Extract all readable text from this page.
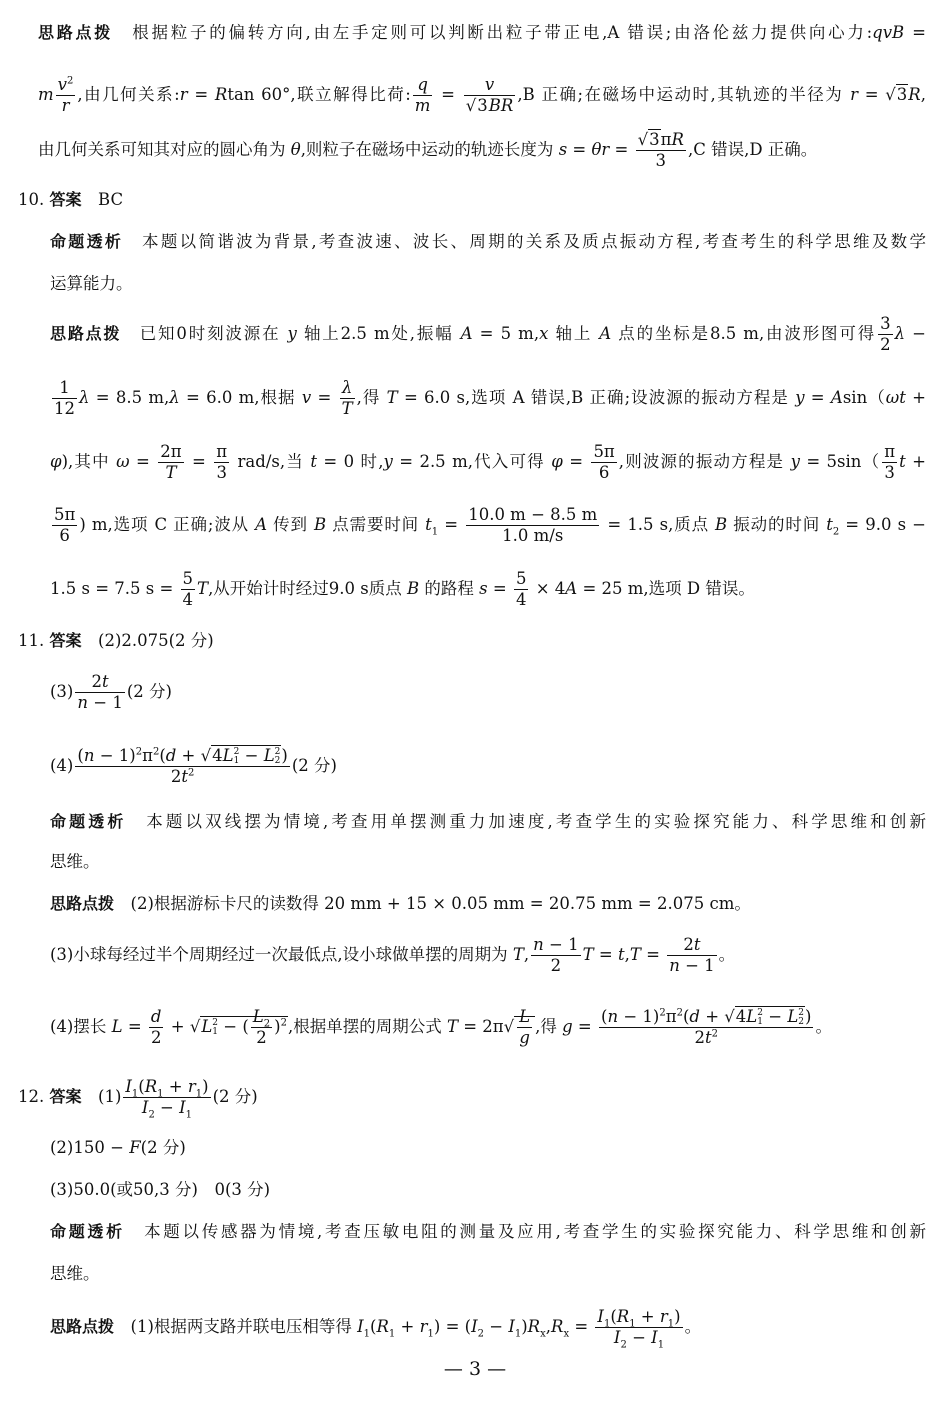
思路点拨　根据粒子的偏转方向,由左手定则可以判断出粒子带正电,A 错误;由洛伦兹力提供向心力:qvB =
m $\frac{v^2}{r}$ ,由几何关系:r = Rtan 60°,联立解得比荷: $\frac{q}{m} = \frac{v}{√3BR} ,B$ 正确;在磁场中运动时,其轨迹的半径为 r = √3R,
由几何关系可知其对应的圆心角为 θ,则粒子在磁场中运动的轨迹长度为 $s = \theta r = \frac{√3\pi R}{3} ,C$ 错误,D 正确。
10. 答案　BC
命题透析　本题以简谐波为背景,考查波速、波长、周期的关系及质点振动方程,考查考生的科学思维及数学
运算能力。
思路点拨　已知0时刻波源在 y 轴上2.5 m处,振幅 A = 5 m,x 轴上 A 点的坐标是8.5 m,由波形图可得 $\frac{3}{2}$ λ −
$\frac{1}{12}$ λ = 8.5 m,λ = 6.0 m,根据 $v = \frac{\lambda}{T}$ ,得 T = 6.0 s,选项 A 错误,B 正确;设波源的振动方程是 y = Asin（ωt +
φ),其中 $\omega = \frac{2\pi}{T} = \frac{\pi}{3} rad/s$,当 t = 0 时,y = 2.5 m,代入可得 $\varphi = \frac{5\pi}{6}$ ,则波源的振动方程是 $y = 5\sin( \frac{\pi}{3}$ t +
$\frac{5\pi}{6}$ ) m,选项 C 正确;波从 A 传到 B 点需要时间 $t_1 = \frac{10.0 m - 8.5 m}{1.0 m/s} = 1.5$ s,质点 B 振动的时间 $t_2 = 9.0$ s −
1.5 s = 7.5 $s = \frac{5}{4} T$,从开始计时经过9.0 s质点 B 的路程 $s = \frac{5}{4} \times 4A = 25$ m,选项 D 错误。
11. 答案　(2)2.075(2 分)
$(3) \frac{2t}{n - 1} (2$ 分)
(4) $(n - 1)^2\pi^2(d + √4L$ 2
1 − L 2
2 )
$2t^2$ (2 分)
命题透析　本题以双线摆为情境,考查用单摆测重力加速度,考查学生的实验探究能力、科学思维和创新
思维。
思路点拨　(2)根据游标卡尺的读数得 20 mm + 15 × 0.05 mm = 20.75 mm = 2.075 cm。
(3)小球每经过半个周期经过一次最低点,设小球做单摆的周期为 T, $\frac{n - 1}{2}$ $T = t,T = \frac{2t}{n - 1}$ 。
(4)摆长 $L = \frac{d}{2} + √L$ 2
1 − ( $\frac{L_2}{2} )^2$,根据单摆的周期公式 $T = 2\pi√ \frac{L}{g}$ ,得 $g = (n - 1)^2\pi^2(d + √4L$ 2
1 − L 2
2 )
$2t^2$ 。
12. 答案　$(1) \frac{I_1(R_1 + r_1)}{I_2 - I_1} (2$ 分)
(2)150 − F(2 分)
(3)50.0(或50,3 分)　0(3 分)
命题透析　本题以传感器为情境,考查压敏电阻的测量及应用,考查学生的实验探究能力、科学思维和创新
思维。
思路点拨　(1)根据两支路并联电压相等得 $I_1(R_1 + r_1) = (I_2 - I_1)R_x,R_x = \frac{I_1(R_1 + r_1)}{I_2 - I_1}$ 。
— 3 —
